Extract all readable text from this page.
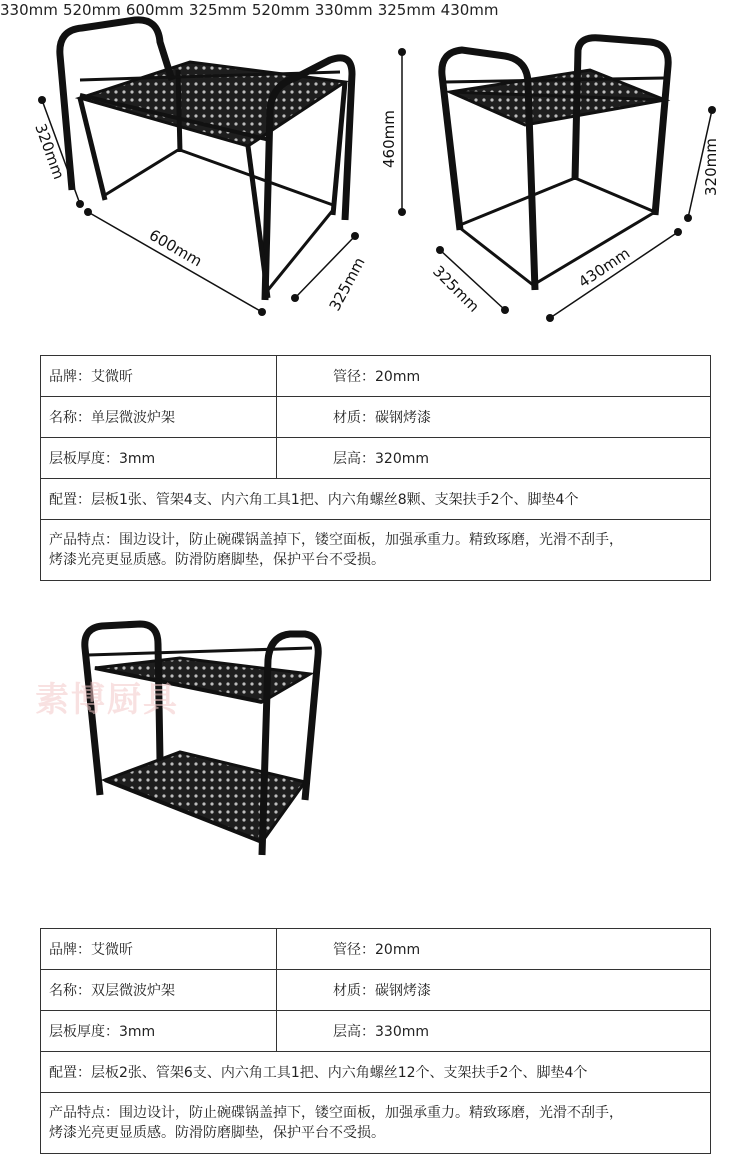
320mm
600mm
325mm
460mm	320mm
325mm	430mm
330mm 520mm 600mm 325mm 520mm 330mm 325mm 430mm
素博厨具
品牌：艾微昕	管径：20mm
名称：单层微波炉架	材质：碳钢烤漆
层板厚度：3mm	层高：320mm
配置：层板1张、管架4支、内六角工具1把、内六角螺丝8颗、支架扶手2个、脚垫4个	

产品特点：围边设计，防止碗碟锅盖掉下，镂空面板，加强承重力。精致琢磨，光滑不刮手，
烤漆光亮更显质感。防滑防磨脚垫，保护平台不受损。	
品牌：艾微昕	管径：20mm
名称：双层微波炉架	材质：碳钢烤漆
层板厚度：3mm	层高：330mm
配置：层板2张、管架6支、内六角工具1把、内六角螺丝12个、支架扶手2个、脚垫4个	

产品特点：围边设计，防止碗碟锅盖掉下，镂空面板，加强承重力。精致琢磨，光滑不刮手，
烤漆光亮更显质感。防滑防磨脚垫，保护平台不受损。	
